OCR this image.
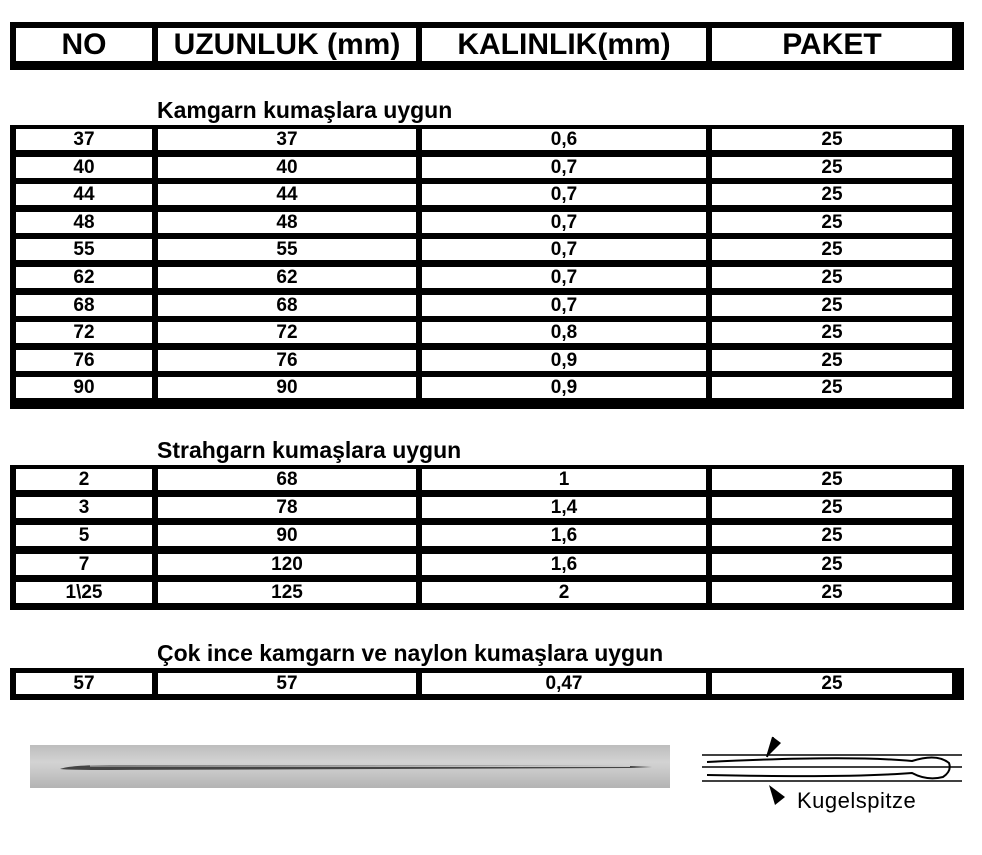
NO	UZUNLUK (mm)	KALINLIK(mm)	PAKET
Kamgarn kumaşlara uygun
37	37	0,6	25
40	40	0,7	25
44	44	0,7	25
48	48	0,7	25
55	55	0,7	25
62	62	0,7	25
68	68	0,7	25
72	72	0,8	25
76	76	0,9	25
90	90	0,9	25
Strahgarn kumaşlara uygun
2	68	1	25
3	78	1,4	25
5	90	1,6	25
7	120	1,6	25
1\25	125	2	25
Çok ince kamgarn ve naylon kumaşlara uygun
57	57	0,47	25
Kugelspitze
